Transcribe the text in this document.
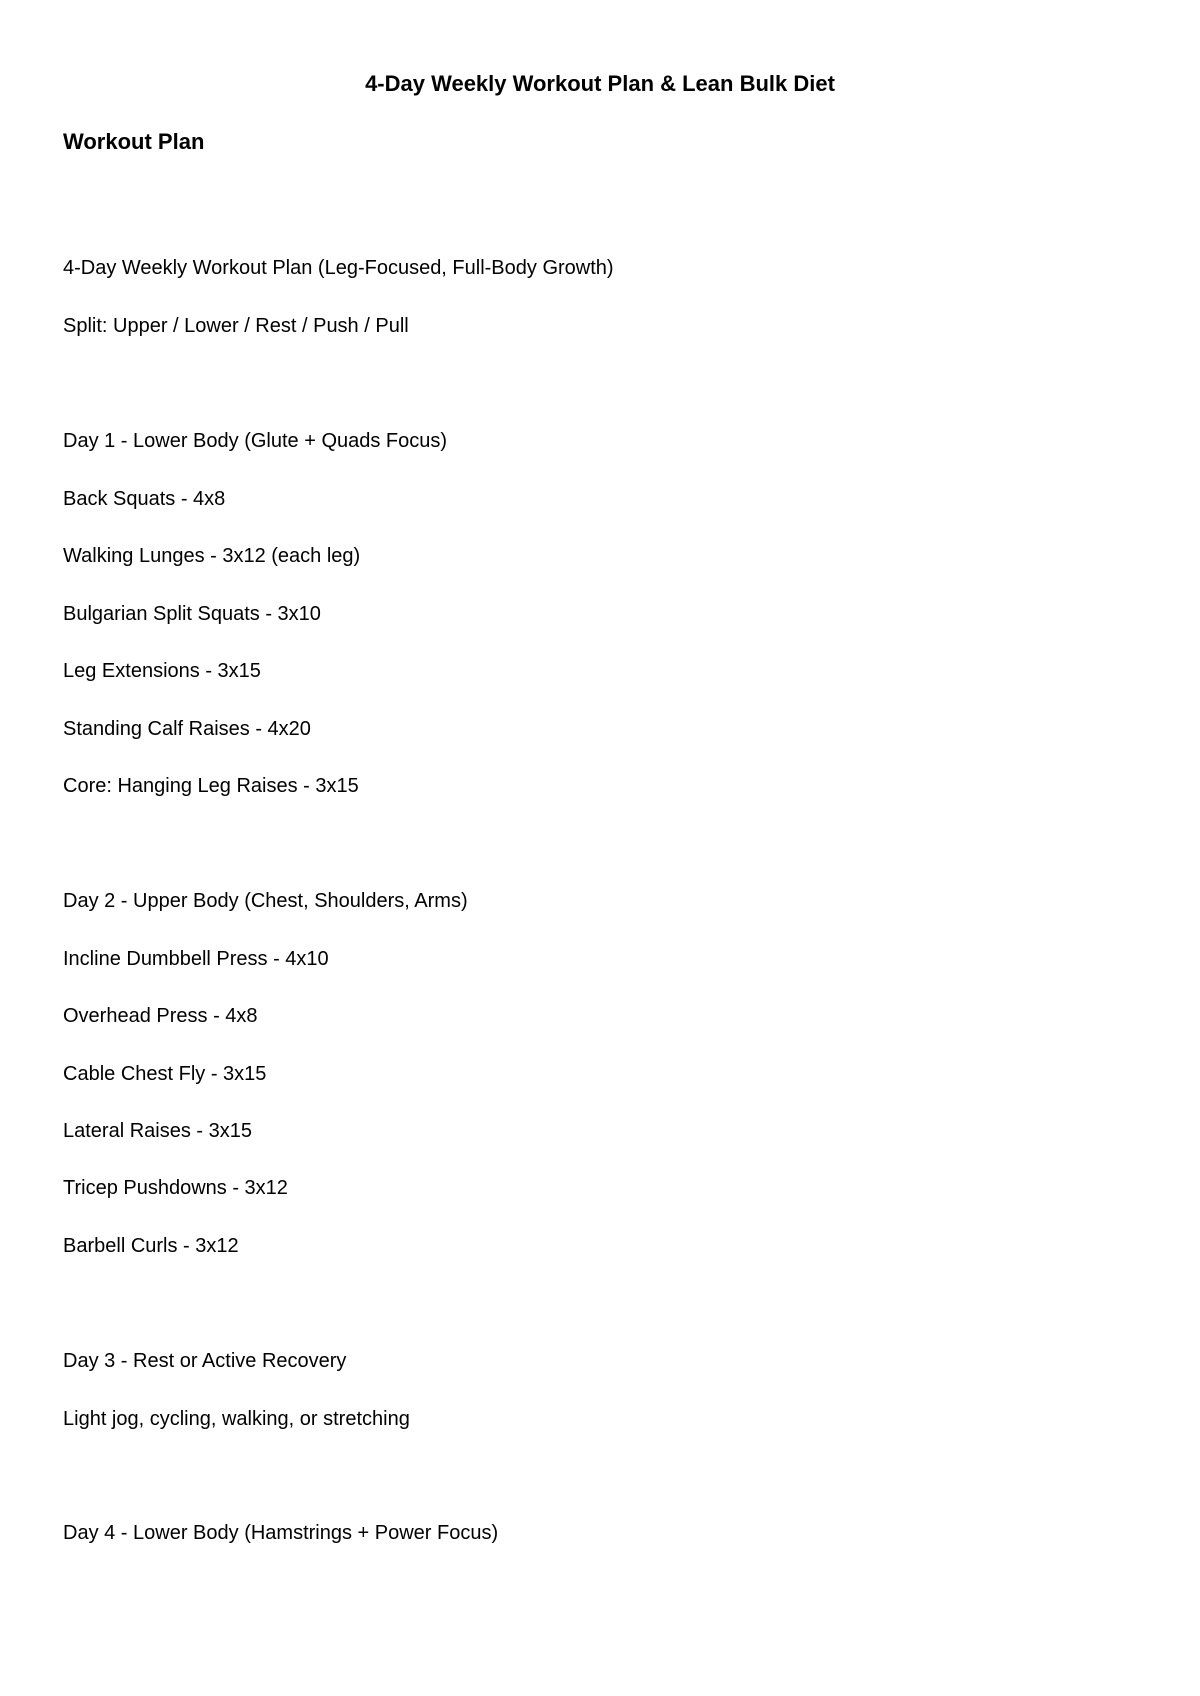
4-Day Weekly Workout Plan & Lean Bulk Diet
Workout Plan
4-Day Weekly Workout Plan (Leg-Focused, Full-Body Growth)
Split: Upper / Lower / Rest / Push / Pull
Day 1 - Lower Body (Glute + Quads Focus)
Back Squats - 4x8
Walking Lunges - 3x12 (each leg)
Bulgarian Split Squats - 3x10
Leg Extensions - 3x15
Standing Calf Raises - 4x20
Core: Hanging Leg Raises - 3x15
Day 2 - Upper Body (Chest, Shoulders, Arms)
Incline Dumbbell Press - 4x10
Overhead Press - 4x8
Cable Chest Fly - 3x15
Lateral Raises - 3x15
Tricep Pushdowns - 3x12
Barbell Curls - 3x12
Day 3 - Rest or Active Recovery
Light jog, cycling, walking, or stretching
Day 4 - Lower Body (Hamstrings + Power Focus)
